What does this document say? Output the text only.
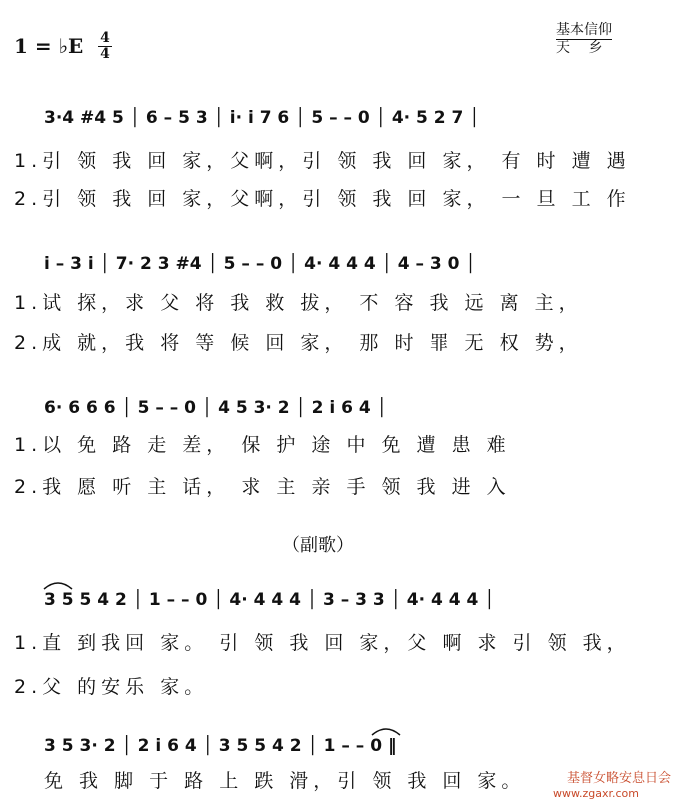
1 = ♭E	4
4
基本信仰
天　 乡
3·4 #4 5 │ 6 – 5 3 │ i· i 7 6 │ 5 – – 0 │ 4· 5 2 7 │
1.引 领 我 回 家，父啊，引 领 我 回 家， 有 时 遭 遇
2.引 领 我 回 家，父啊，引 领 我 回 家， 一 旦 工 作
i – 3 i │ 7· 2 3 #4 │ 5 – – 0 │ 4· 4 4 4 │ 4 – 3 0 │
1.试 探，求 父 将 我 救 拔， 不 容 我 远 离 主，
2.成 就，我 将 等 候 回 家， 那 时 罪 无 权 势，
6· 6 6 6 │ 5 – – 0 │ 4 5 3· 2 │ 2 i 6 4 │
1.以 免 路 走 差， 保 护 途 中 免 遭 患 难
2.我 愿 听 主 话， 求 主 亲 手 领 我 进 入
（副歌）
3 5 5 4 2 │ 1 – – 0 │ 4· 4 4 4 │ 3 – 3 3 │ 4· 4 4 4 │
1.直 到我回 家。 引 领 我 回 家，父 啊 求 引 领 我，
2.父 的安乐 家。
3 5 3· 2 │ 2 i 6 4 │ 3 5 5 4 2 │ 1 – – 0 ‖
免 我 脚 于 路 上 跌 滑，引 领 我 回 家。	基督女略安息日会
www.zgaxr.com
